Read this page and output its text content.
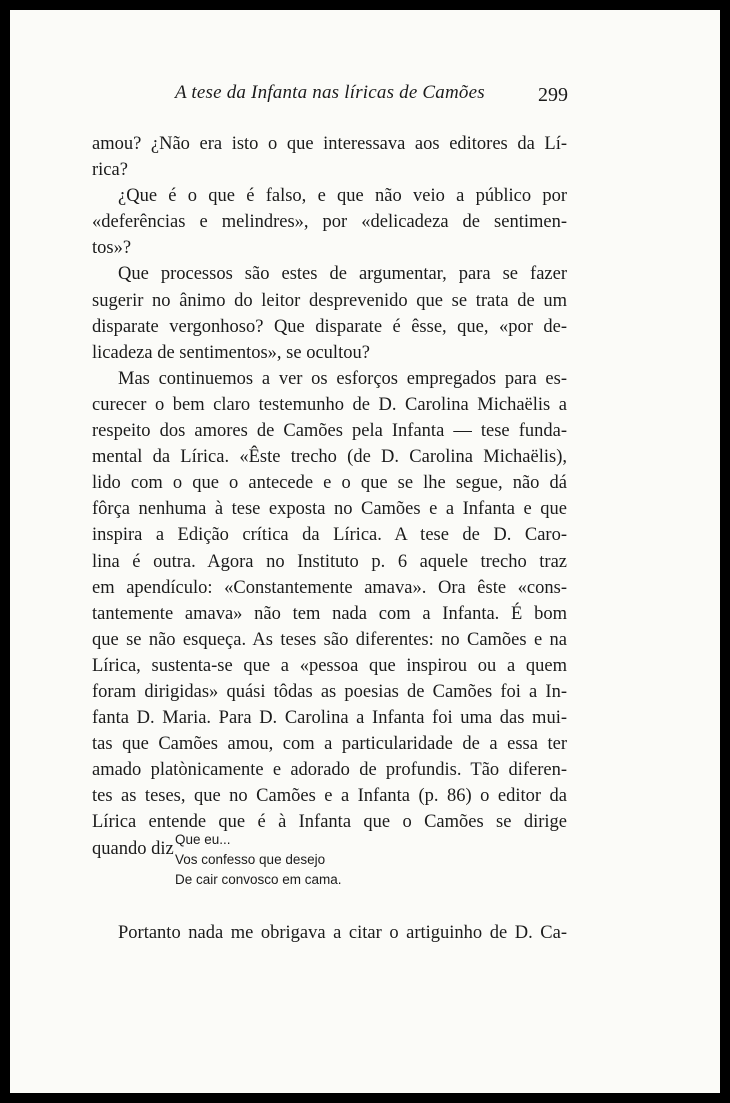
A tese da Infanta nas líricas de Camões	299
amou? ¿Não era isto o que interessava aos editores da Lí-
rica?
¿Que é o que é falso, e que não veio a público por
«deferências e melindres», por «delicadeza de sentimen-
tos»?
Que processos são estes de argumentar, para se fazer
sugerir no ânimo do leitor desprevenido que se trata de um
disparate vergonhoso? Que disparate é êsse, que, «por de-
licadeza de sentimentos», se ocultou?
Mas continuemos a ver os esforços empregados para es-
curecer o bem claro testemunho de D. Carolina Michaëlis a
respeito dos amores de Camões pela Infanta — tese funda-
mental da Lírica. «Êste trecho (de D. Carolina Michaëlis),
lido com o que o antecede e o que se lhe segue, não dá
fôrça nenhuma à tese exposta no Camões e a Infanta e que
inspira a Edição crítica da Lírica. A tese de D. Caro-
lina é outra. Agora no Instituto p. 6 aquele trecho traz
em apendículo: «Constantemente amava». Ora êste «cons-
tantemente amava» não tem nada com a Infanta. É bom
que se não esqueça. As teses são diferentes: no Camões e na
Lírica, sustenta-se que a «pessoa que inspirou ou a quem
foram dirigidas» quási tôdas as poesias de Camões foi a In-
fanta D. Maria. Para D. Carolina a Infanta foi uma das mui-
tas que Camões amou, com a particularidade de a essa ter
amado platònicamente e adorado de profundis. Tão diferen-
tes as teses, que no Camões e a Infanta (p. 86) o editor da
Lírica entende que é à Infanta que o Camões se dirige
quando diz Que eu...
Vos confesso que desejo
De cair convosco em cama.
Portanto nada me obrigava a citar o artiguinho de D. Ca-
